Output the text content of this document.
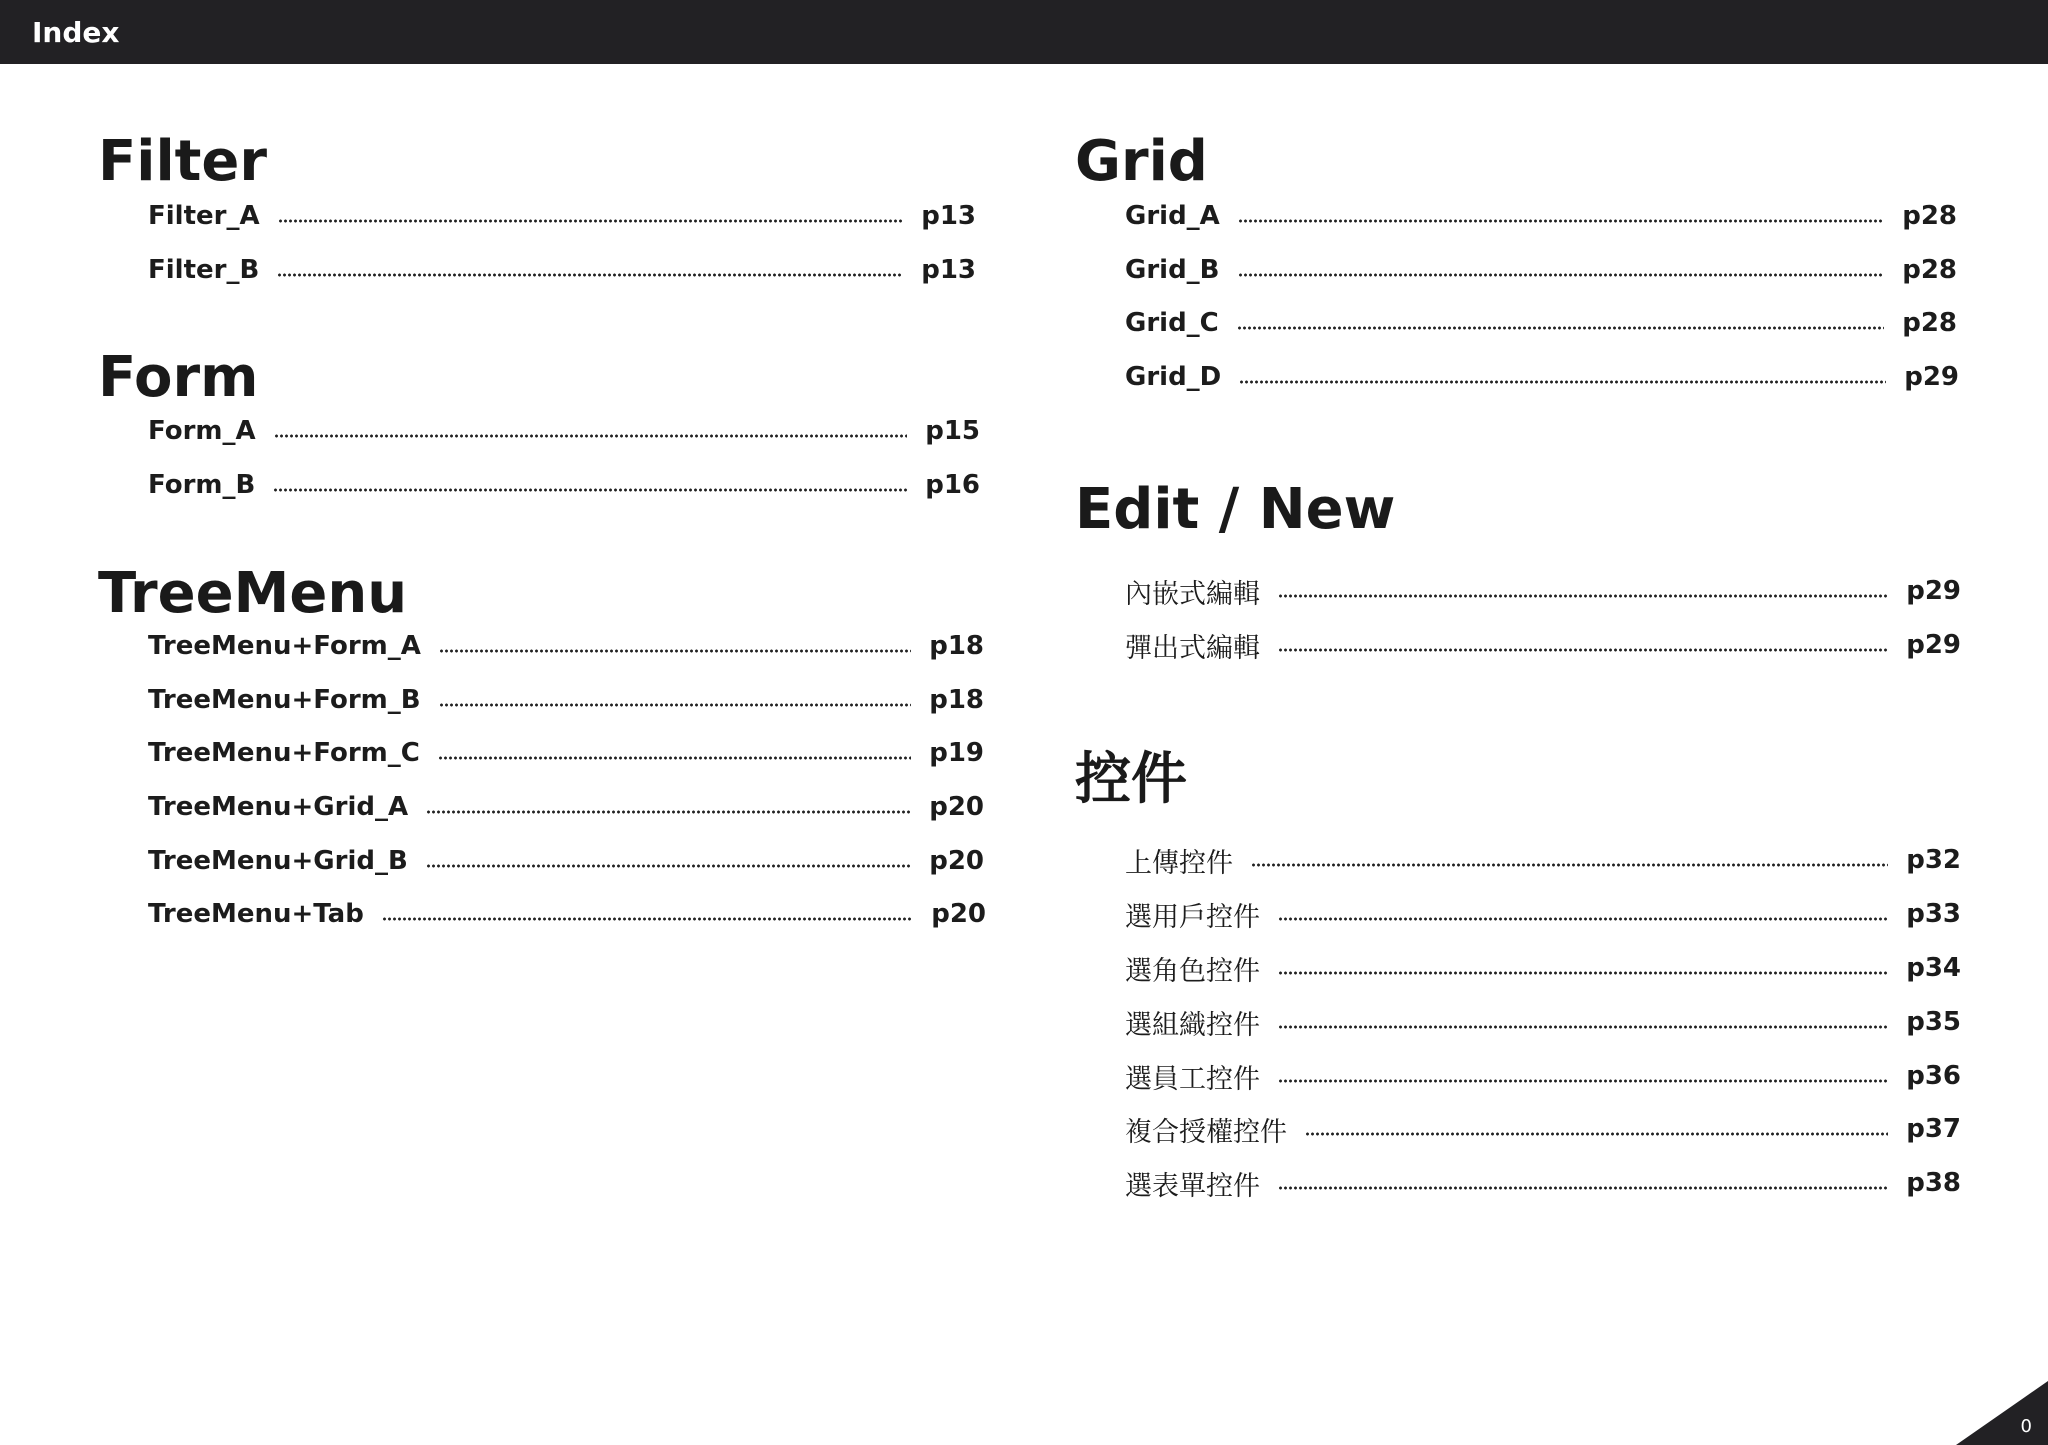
Index
Filter
Filter_A	p13
Filter_B	p13
Form
Form_A	p15
Form_B	p16
TreeMenu
TreeMenu+Form_A	p18
TreeMenu+Form_B	p18
TreeMenu+Form_C	p19
TreeMenu+Grid_A	p20
TreeMenu+Grid_B	p20
TreeMenu+Tab	p20
Grid
Grid_A	p28
Grid_B	p28
Grid_C	p28
Grid_D	p29
Edit / New
內嵌式編輯	p29
彈出式編輯	p29
控件
上傳控件	p32
選用戶控件	p33
選角色控件	p34
選組織控件	p35
選員工控件	p36
複合授權控件	p37
選表單控件	p38
0
